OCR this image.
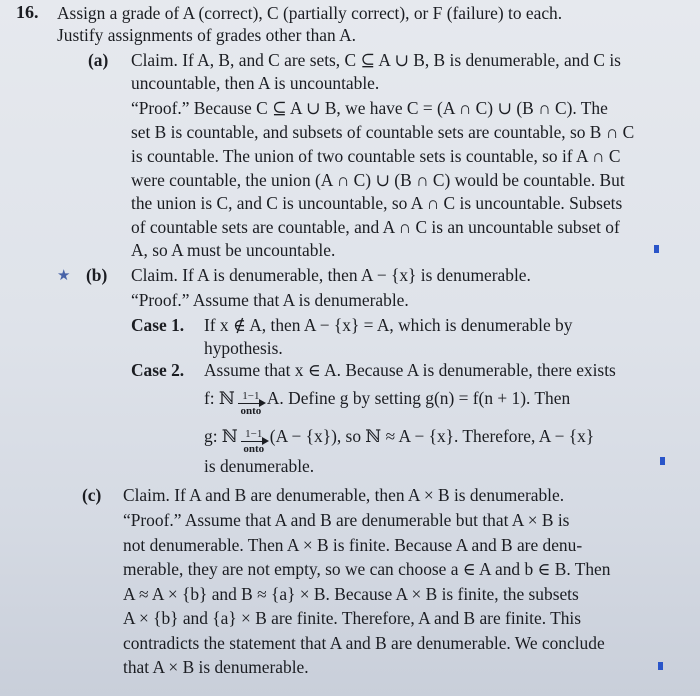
16. Assign a grade of A (correct), C (partially correct), or F (failure) to each.
Justify assignments of grades other than A.
(a) Claim. If A, B, and C are sets, C ⊆ A ∪ B, B is denumerable, and C is
uncountable, then A is uncountable.
“Proof.” Because C ⊆ A ∪ B, we have C = (A ∩ C) ∪ (B ∩ C). The
set B is countable, and subsets of countable sets are countable, so B ∩ C
is countable. The union of two countable sets is countable, so if A ∩ C
were countable, the union (A ∩ C) ∪ (B ∩ C) would be countable. But
the union is C, and C is uncountable, so A ∩ C is uncountable. Subsets
of countable sets are countable, and A ∩ C is an uncountable subset of
A, so A must be uncountable.
★ (b) Claim. If A is denumerable, then A − {x} is denumerable.
“Proof.” Assume that A is denumerable.
Case 1. If x ∉ A, then A − {x} = A, which is denumerable by
hypothesis.
Case 2. Assume that x ∈ A. Because A is denumerable, there exists
f: ℕ 1−1
onto
A. Define g by setting g(n) = f(n + 1). Then
g: ℕ 1−1
onto
(A − {x}), so ℕ ≈ A − {x}. Therefore, A − {x}
is denumerable.
(c) Claim. If A and B are denumerable, then A × B is denumerable.
“Proof.” Assume that A and B are denumerable but that A × B is
not denumerable. Then A × B is finite. Because A and B are denu-
merable, they are not empty, so we can choose a ∈ A and b ∈ B. Then
A ≈ A × {b} and B ≈ {a} × B. Because A × B is finite, the subsets
A × {b} and {a} × B are finite. Therefore, A and B are finite. This
contradicts the statement that A and B are denumerable. We conclude
that A × B is denumerable.
